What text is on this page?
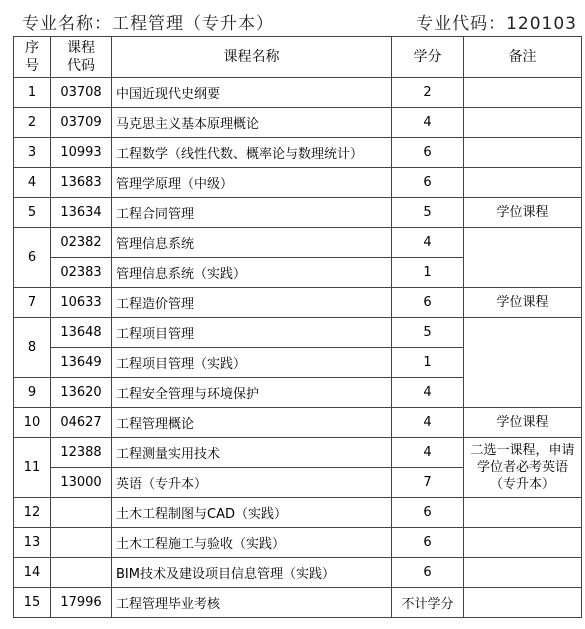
专业名称：工程管理（专升本）	专业代码：120103
序号	课程代码	课程名称	学分	备注
1	03708	中国近现代史纲要	2	
2	03709	马克思主义基本原理概论	4	
3	10993	工程数学（线性代数、概率论与数理统计）	6	
4	13683	管理学原理（中级）	6	
5	13634	工程合同管理	5	学位课程
6	02382	管理信息系统	4	
	02383	管理信息系统（实践）	1	
7	10633	工程造价管理	6	学位课程
8	13648	工程项目管理	5	
	13649	工程项目管理（实践）	1	
9	13620	工程安全管理与环境保护	4	
10	04627	工程管理概论	4	学位课程
11	12388	工程测量实用技术	4	二选一课程，申请学位者必考英语（专升本）
	13000	英语（专升本）	7	
12		土木工程制图与CAD（实践）	6	
13		土木工程施工与验收（实践）	6	
14		BIM技术及建设项目信息管理（实践）	6	
15	17996	工程管理毕业考核	不计学分	
